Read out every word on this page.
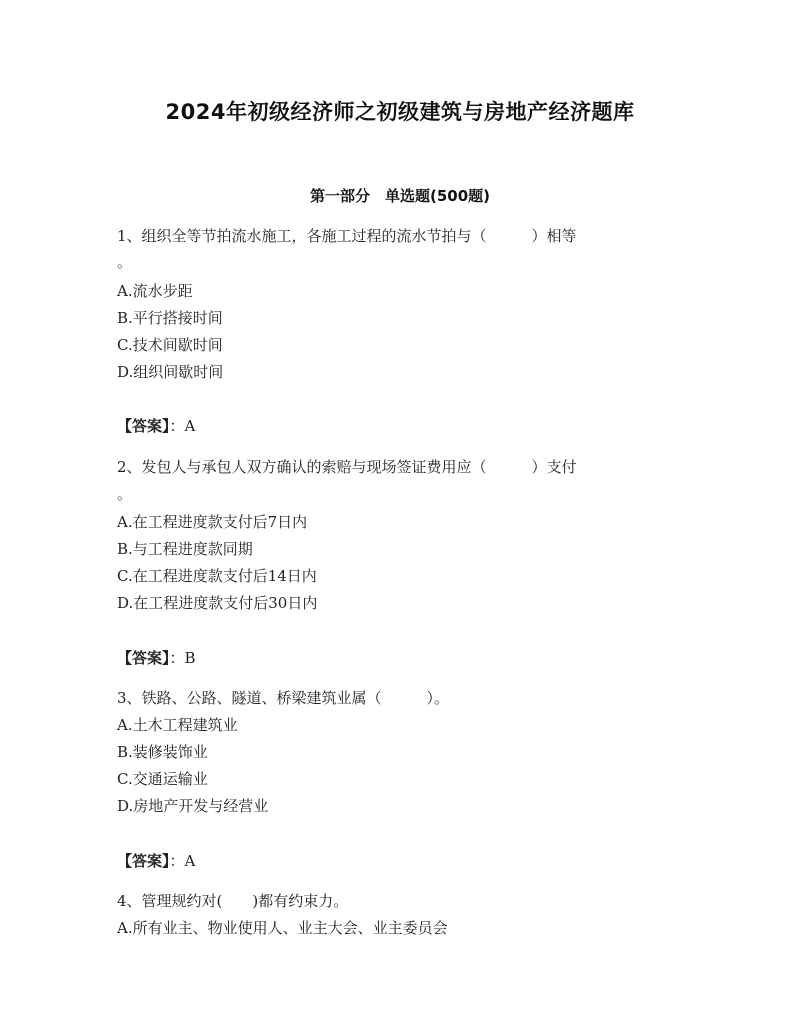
2024年初级经济师之初级建筑与房地产经济题库
第一部分　单选题(500题)
1、组织全等节拍流水施工，各施工过程的流水节拍与（　　　）相等
。
A.流水步距
B.平行搭接时间
C.技术间歇时间
D.组织间歇时间
【答案】：A
2、发包人与承包人双方确认的索赔与现场签证费用应（　　　）支付
。
A.在工程进度款支付后7日内
B.与工程进度款同期
C.在工程进度款支付后14日内
D.在工程进度款支付后30日内
【答案】：B
3、铁路、公路、隧道、桥梁建筑业属（　　　）。
A.土木工程建筑业
B.装修装饰业
C.交通运输业
D.房地产开发与经营业
【答案】：A
4、管理规约对(　　)都有约束力。
A.所有业主、物业使用人、业主大会、业主委员会
